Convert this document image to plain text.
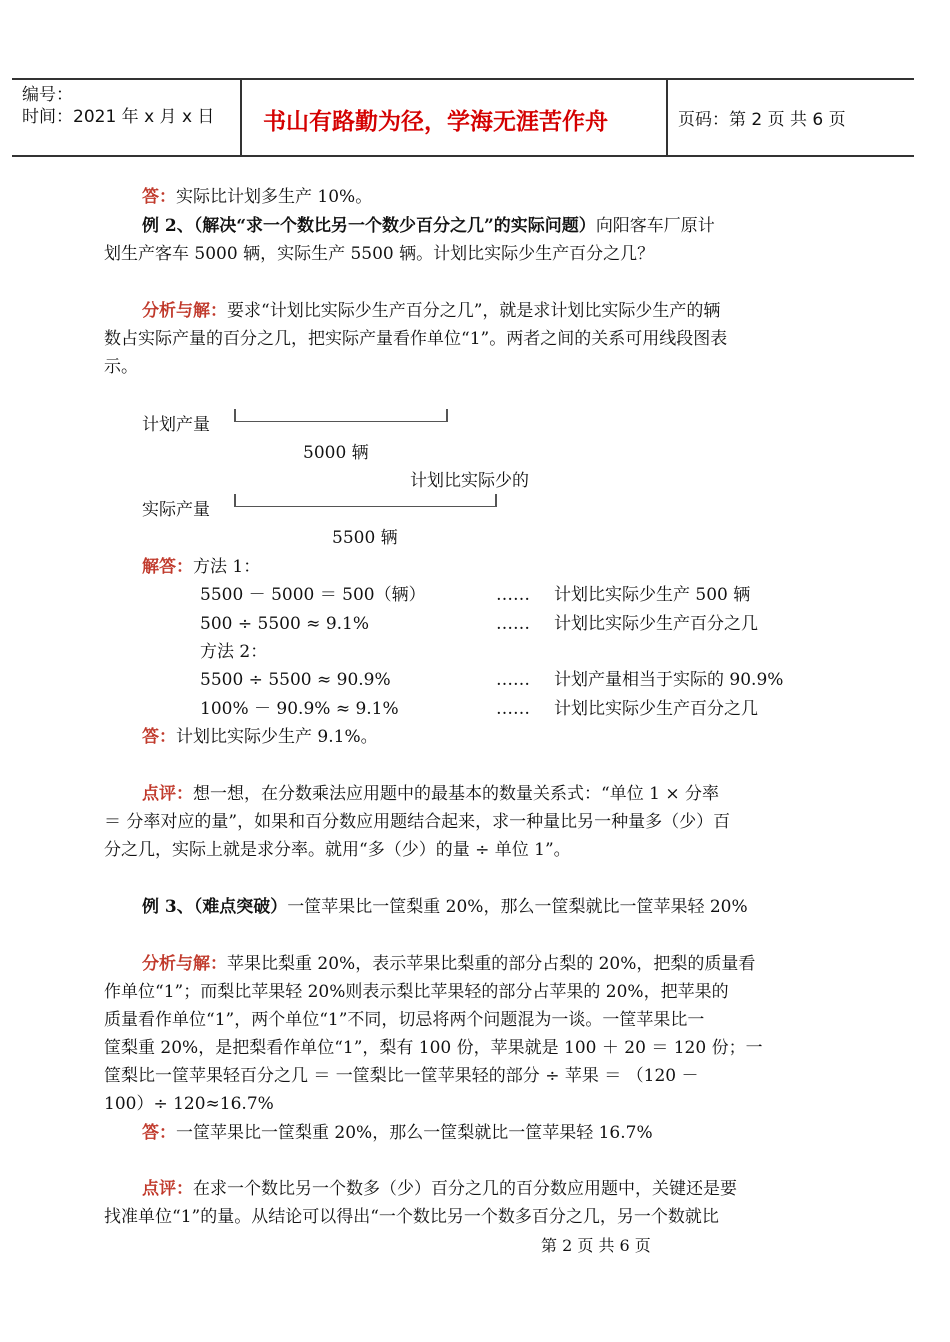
编号：
时间：2021 年 x 月 x 日 书山有路勤为径，学海无涯苦作舟	页码：第 2 页 共 6 页
答：实际比计划多生产 10%。
例 2、（解决“求一个数比另一个数少百分之几”的实际问题）向阳客车厂原计
划生产客车 5000 辆，实际生产 5500 辆。计划比实际少生产百分之几？
分析与解：要求“计划比实际少生产百分之几”，就是求计划比实际少生产的辆
数占实际产量的百分之几，把实际产量看作单位“1”。两者之间的关系可用线段图表
示。
计划产量
5000 辆
计划比实际少的
实际产量
5500 辆
解答：方法 1：
5500 － 5000 ＝ 500（辆）	…… 计划比实际少生产 500 辆
500 ÷ 5500 ≈ 9.1%	…… 计划比实际少生产百分之几
方法 2：
5500 ÷ 5500 ≈ 90.9%	…… 计划产量相当于实际的 90.9%
100% － 90.9% ≈ 9.1%	…… 计划比实际少生产百分之几
答：计划比实际少生产 9.1%。
点评：想一想，在分数乘法应用题中的最基本的数量关系式：“单位 1 × 分率
＝ 分率对应的量”，如果和百分数应用题结合起来，求一种量比另一种量多（少）百
分之几，实际上就是求分率。就用“多（少）的量 ÷ 单位 1”。
例 3、（难点突破）一筐苹果比一筐梨重 20%，那么一筐梨就比一筐苹果轻 20%
分析与解：苹果比梨重 20%，表示苹果比梨重的部分占梨的 20%，把梨的质量看
作单位“1”；而梨比苹果轻 20%则表示梨比苹果轻的部分占苹果的 20%，把苹果的
质量看作单位“1”，两个单位“1”不同，切忌将两个问题混为一谈。一筐苹果比一
筐梨重 20%，是把梨看作单位“1”，梨有 100 份，苹果就是 100 ＋ 20 ＝ 120 份；一
筐梨比一筐苹果轻百分之几 ＝ 一筐梨比一筐苹果轻的部分 ÷ 苹果 ＝ （120 －
100）÷ 120≈16.7%
答：一筐苹果比一筐梨重 20%，那么一筐梨就比一筐苹果轻 16.7%
点评：在求一个数比另一个数多（少）百分之几的百分数应用题中，关键还是要
找准单位“1”的量。从结论可以得出“一个数比另一个数多百分之几，另一个数就比
第 2 页 共 6 页
